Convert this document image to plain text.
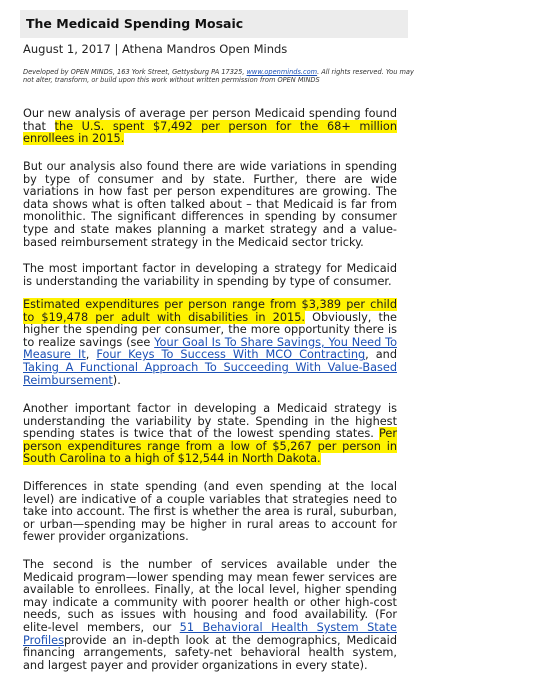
The Medicaid Spending Mosaic
August 1, 2017 | Athena Mandros Open Minds
Developed by OPEN MINDS, 163 York Street, Gettysburg PA 17325, www.openminds.com. All rights reserved. You may not alter, transform, or build upon this work without written permission from OPEN MINDS
Our new analysis of average per person Medicaid spending found that the U.S. spent $7,492 per person for the 68+ million enrollees in 2015.
But our analysis also found there are wide variations in spending by type of consumer and by state. Further, there are wide variations in how fast per person expenditures are growing. The data shows what is often talked about – that Medicaid is far from monolithic. The significant differences in spending by consumer type and state makes planning a market strategy and a value-based reimbursement strategy in the Medicaid sector tricky.
The most important factor in developing a strategy for Medicaid is understanding the variability in spending by type of consumer.
Estimated expenditures per person range from $3,389 per child to $19,478 per adult with disabilities in 2015. Obviously, the higher the spending per consumer, the more opportunity there is to realize savings (see Your Goal Is To Share Savings, You Need To Measure It, Four Keys To Success With MCO Contracting, and Taking A Functional Approach To Succeeding With Value-Based Reimbursement).
Another important factor in developing a Medicaid strategy is understanding the variability by state. Spending in the highest spending states is twice that of the lowest spending states. Per person expenditures range from a low of $5,267 per person in South Carolina to a high of $12,544 in North Dakota.
Differences in state spending (and even spending at the local level) are indicative of a couple variables that strategies need to take into account. The first is whether the area is rural, suburban, or urban—spending may be higher in rural areas to account for fewer provider organizations.
The second is the number of services available under the Medicaid program—lower spending may mean fewer services are available to enrollees. Finally, at the local level, higher spending may indicate a community with poorer health or other high-cost needs, such as issues with housing and food availability. (For elite-level members, our 51 Behavioral Health System State Profilesprovide an in-depth look at the demographics, Medicaid financing arrangements, safety-net behavioral health system, and largest payer and provider organizations in every state).
